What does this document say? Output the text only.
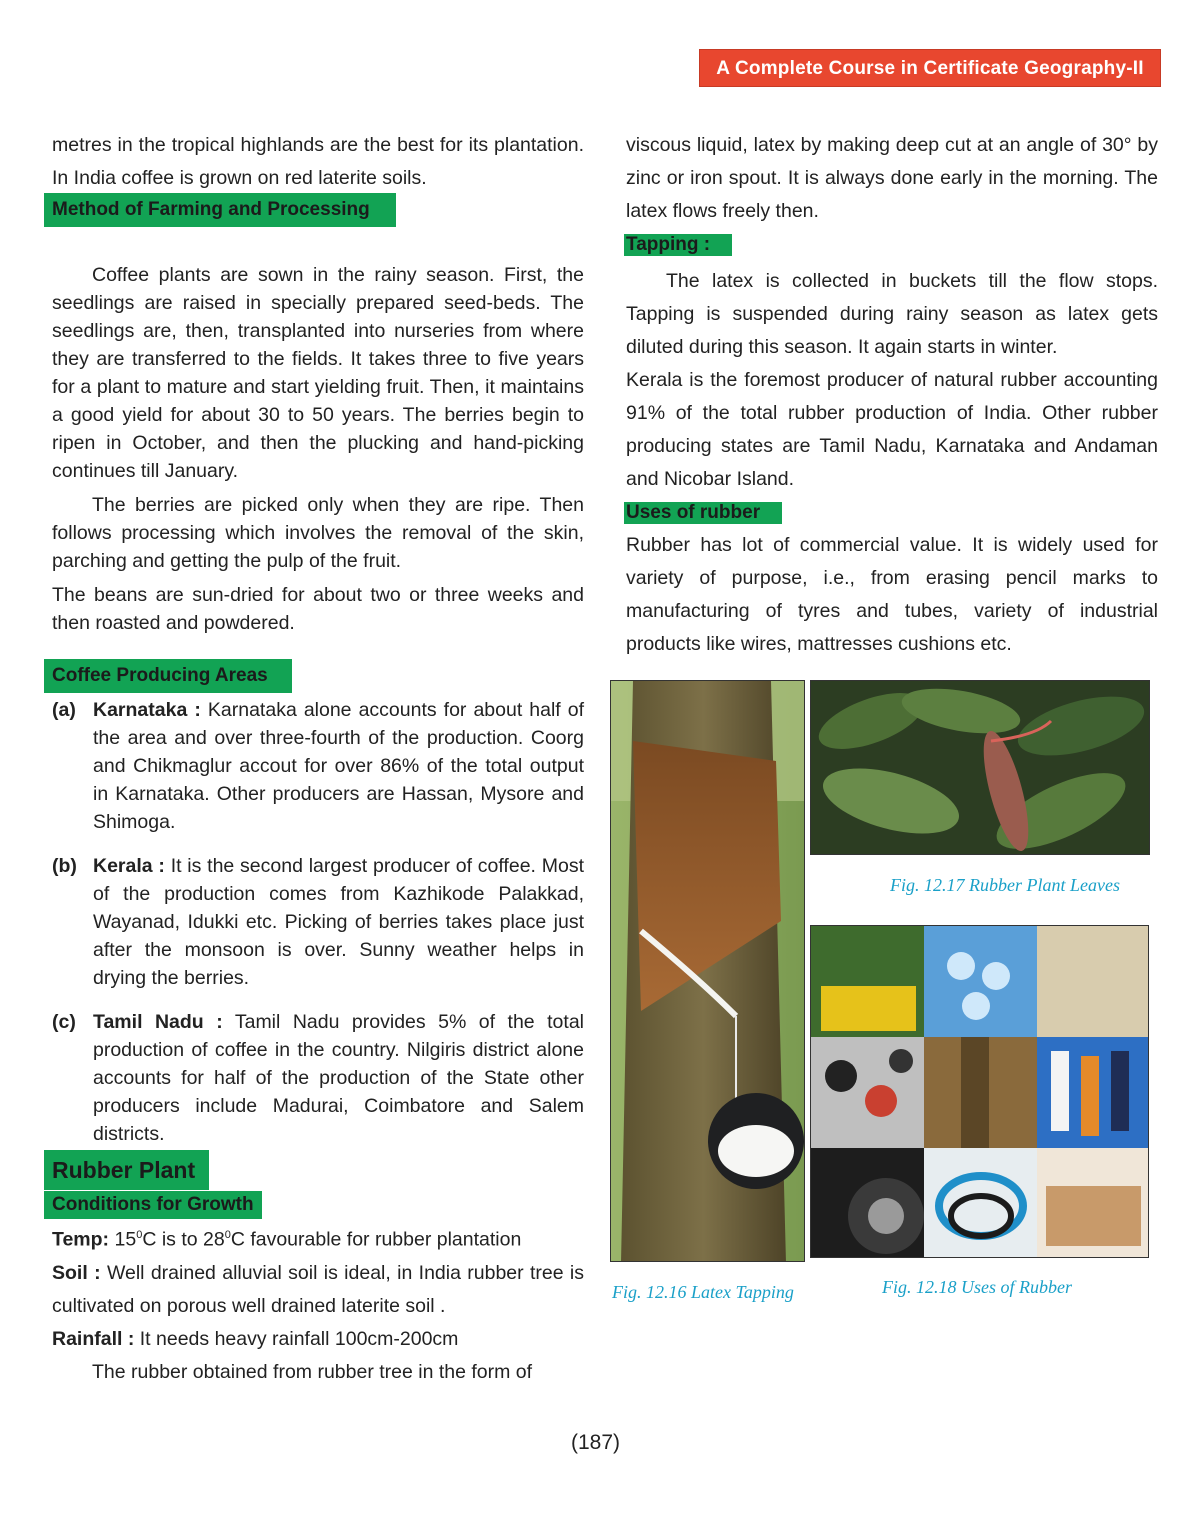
A Complete Course in Certificate Geography-II

metres in the tropical highlands are the best for its plantation. In India coffee is grown on red laterite soils.

Method of Farming and Processing

Coffee plants are sown in the rainy season. First, the seedlings are raised in specially prepared seed-beds. The seedlings are, then, transplanted into nurseries from where they are transferred to the fields. It takes three to five years for a plant to mature and start yielding fruit. Then, it maintains a good yield for about 30 to 50 years. The berries begin to ripen in October, and then the plucking and hand-picking continues till January.

The berries are picked only when they are ripe. Then follows processing which involves the removal of the skin, parching and getting the pulp of the fruit.

The beans are sun-dried for about two or three weeks and then roasted and powdered.

Coffee Producing Areas
(a) Karnataka : Karnataka alone accounts for about half of the area and over three-fourth of the production. Coorg and Chikmaglur accout for over 86% of the total output in Karnataka. Other producers are Hassan, Mysore and Shimoga.
(b) Kerala : It is the second largest producer of coffee. Most of the production comes from Kazhikode Palakkad, Wayanad, Idukki etc. Picking of berries takes place just after the monsoon is over. Sunny weather helps in drying the berries.
(c) Tamil Nadu : Tamil Nadu provides 5% of the total production of coffee in the country. Nilgiris district alone accounts for half of the production of the State other producers include Madurai, Coimbatore and Salem districts.
Rubber Plant
Conditions for Growth

Temp: $15^0C$ is to $28^0C$ favourable for rubber plantation

Soil : Well drained alluvial soil is ideal, in India rubber tree is cultivated on porous well drained laterite soil .

Rainfall : It needs heavy rainfall 100cm-200cm

The rubber obtained from rubber tree in the form of

viscous liquid, latex by making deep cut at an angle of 30° by zinc or iron spout. It is always done early in the morning. The latex flows freely then.

Tapping :

The latex is collected in buckets till the flow stops. Tapping is suspended during rainy season as latex gets diluted during this season. It again starts in winter.

Kerala is the foremost producer of natural rubber accounting 91% of the total rubber production of India. Other rubber producing states are Tamil Nadu, Karnataka and Andaman and Nicobar Island.

Uses of rubber

Rubber has lot of commercial value. It is widely used for variety of purpose, i.e., from erasing pencil marks to manufacturing of tyres and tubes, variety of industrial products like wires, mattresses cushions etc.

Fig. 12.16 Latex Tapping
Fig. 12.17 Rubber Plant Leaves
Fig. 12.18 Uses of Rubber
(187)
